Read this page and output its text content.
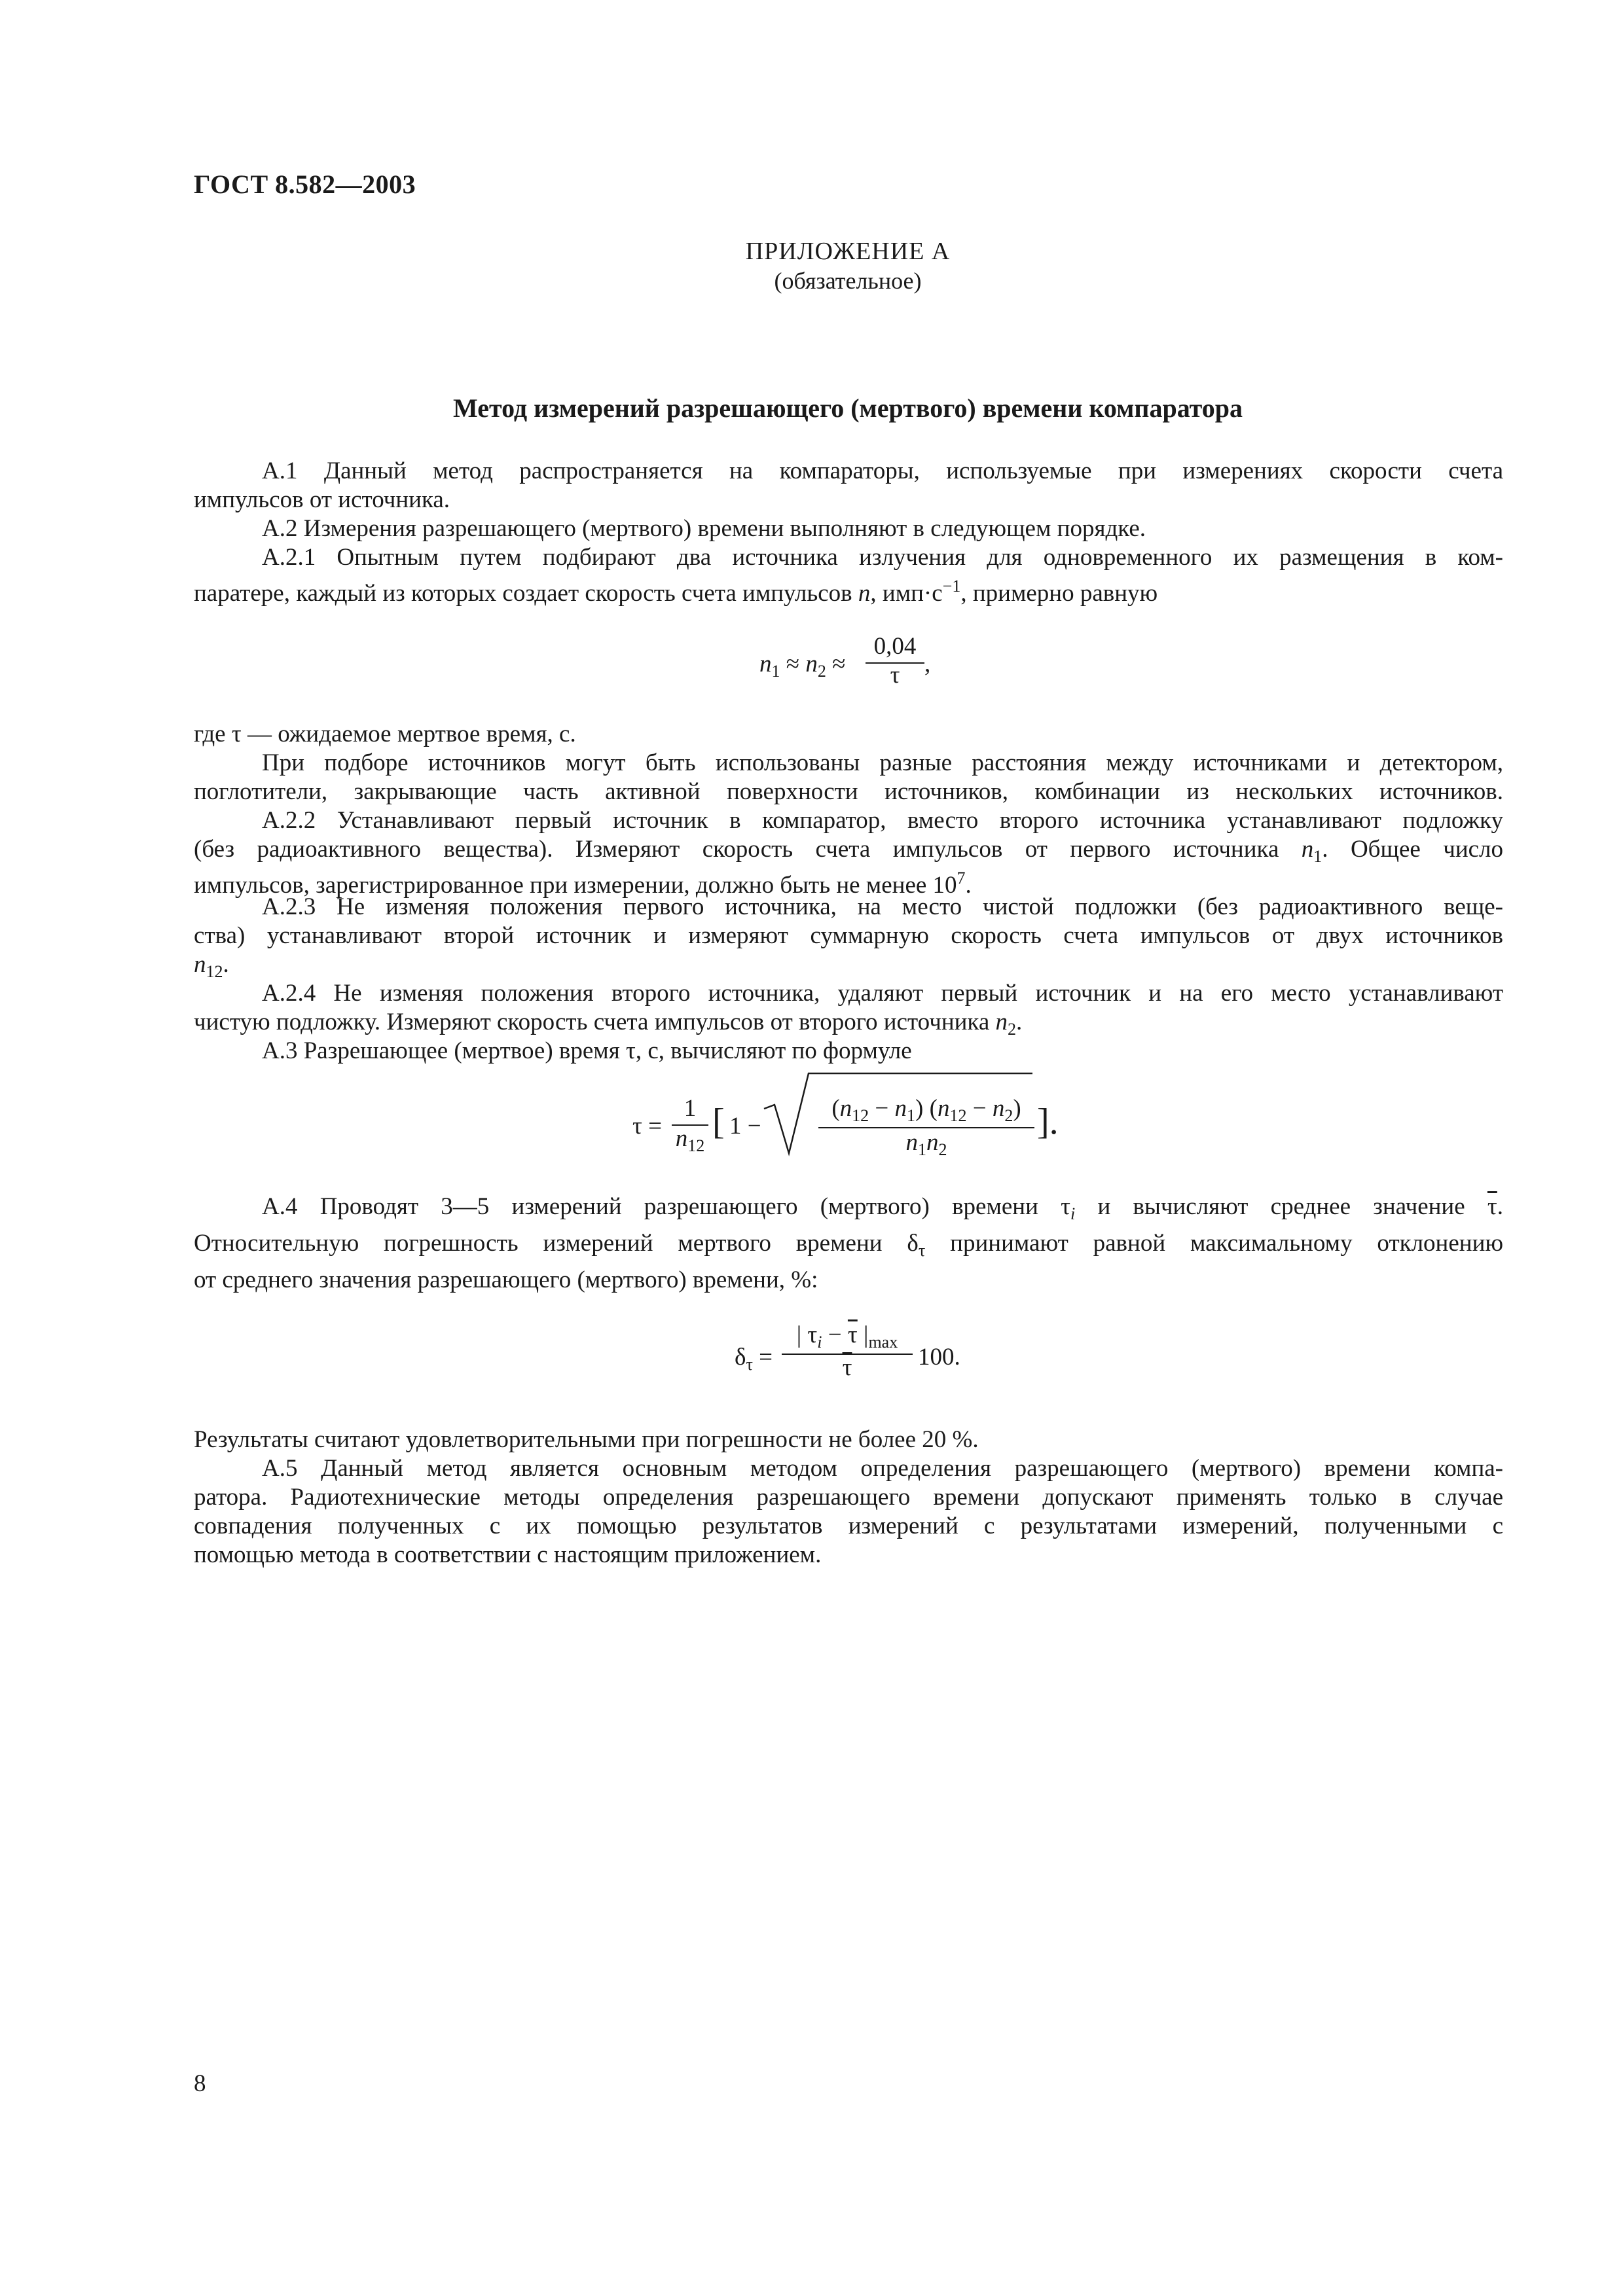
ГОСТ 8.582—2003
ПРИЛОЖЕНИЕ А
(обязательное)
Метод измерений разрешающего (мертвого) времени компаратора
А.1 Данный метод распространяется на компараторы, используемые при измерениях скорости счета
импульсов от источника.
А.2 Измерения разрешающего (мертвого) времени выполняют в следующем порядке.
А.2.1 Опытным путем подбирают два источника излучения для одновременного их размещения в ком-
паратере, каждый из которых создает скорость счета импульсов n, $имп\cdot с^{-1}$, примерно равную
$n_1 \approx n_2$ ≈
0,04
τ	,
где τ — ожидаемое мертвое время, с.
При подборе источников могут быть использованы разные расстояния между источниками и детектором,
поглотители, закрывающие часть активной поверхности источников, комбинации из нескольких источников.
А.2.2 Устанавливают первый источник в компаратор, вместо второго источника устанавливают подложку
(без радиоактивного вещества). Измеряют скорость счета импульсов от первого источника $n_1$. Общее число
импульсов, зарегистрированное при измерении, должно быть не менее $10^7$.
А.2.3 Не изменяя положения первого источника, на место чистой подложки (без радиоактивного веще-
ства) устанавливают второй источник и измеряют суммарную скорость счета импульсов от двух источников
$n_{12}$.
А.2.4 Не изменяя положения второго источника, удаляют первый источник и на его место устанавливают
чистую подложку. Измеряют скорость счета импульсов от второго источника $n_2$.
А.3 Разрешающее (мертвое) время τ, с, вычисляют по формуле
τ =
1
$n_{12}$
[ 1 −
$(n_{12} - n_1) (n_{12} - n_2)$
$n_1n_2$
].
А.4 Проводят 3—5 измерений разрешающего (мертвого) времени $\tau_i$ и вычисляют среднее значение $\overline{\tau}$.
Относительную погрешность измерений мертвого времени $\delta_\tau$ принимают равной максимальному отклонению
от среднего значения разрешающего (мертвого) времени, %:
$\delta_\tau$ =
| $\tau_i - \overline{\tau}$ $|_{max}$
$\overline{\tau}$	100.
Результаты считают удовлетворительными при погрешности не более 20 %.
А.5 Данный метод является основным методом определения разрешающего (мертвого) времени компа-
ратора. Радиотехнические методы определения разрешающего времени допускают применять только в случае
совпадения полученных с их помощью результатов измерений с результатами измерений, полученными с
помощью метода в соответствии с настоящим приложением.
8
